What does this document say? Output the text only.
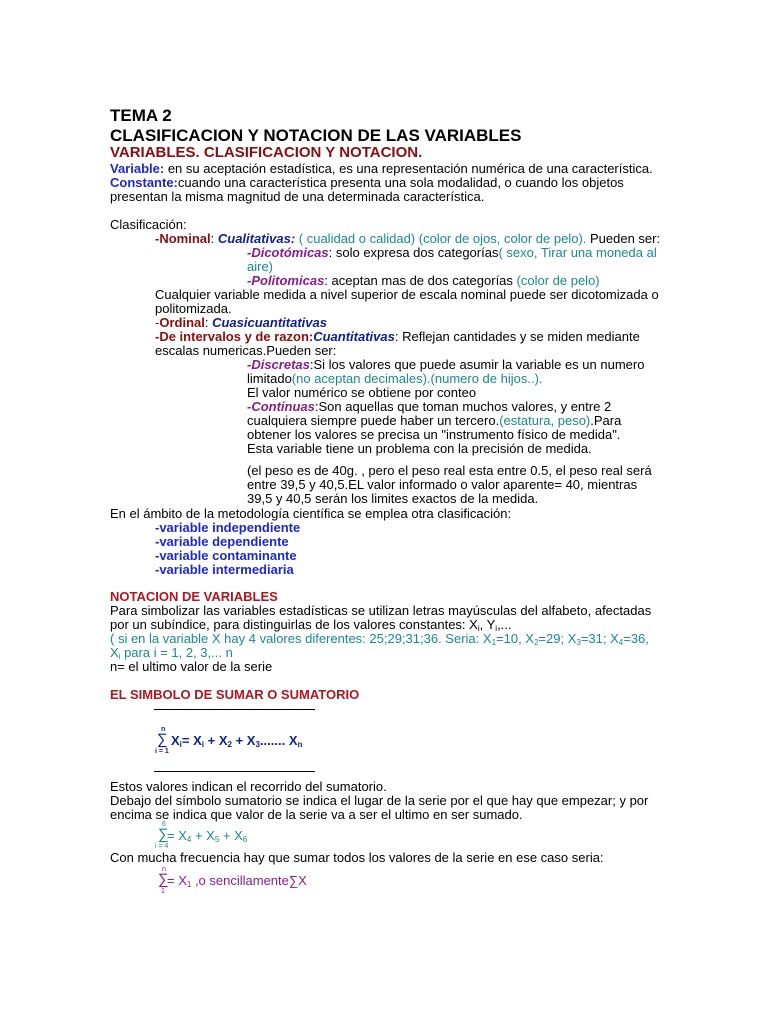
TEMA 2
CLASIFICACION Y NOTACION DE LAS VARIABLES
VARIABLES. CLASIFICACION Y NOTACION.
Variable: en su aceptación estadística, es una representación numérica de una característica.
Constante:cuando una característica presenta una sola modalidad, o cuando los objetos
presentan la misma magnitud de una determinada característica.
Clasificación:
-Nominal: Cualitativas: ( cualidad o calidad) (color de ojos, color de pelo). Pueden ser:
-Dicotómicas: solo expresa dos categorías( sexo, Tirar una moneda al
aire)
-Politomicas: aceptan mas de dos categorías (color de pelo)
Cualquier variable medida a nivel superior de escala nominal puede ser dicotomizada o
politomizada.
-Ordinal: Cuasicuantitativas
-De intervalos y de razon:Cuantitativas: Reflejan cantidades y se miden mediante
escalas numericas.Pueden ser:
-Discretas:Si los valores que puede asumir la variable es un numero
limitado(no aceptan decimales).(numero de hijos..).
El valor numérico se obtiene por conteo
-Continuas:Son aquellas que toman muchos valores, y entre 2
cualquiera siempre puede haber un tercero.(estatura, peso).Para
obtener los valores se precisa un "instrumento físico de medida".
Esta variable tiene un problema con la precisión de medida.
(el peso es de 40g. , pero el peso real esta entre 0.5, el peso real será
entre 39,5 y 40,5.EL valor informado o valor aparente= 40, mientras
39,5 y 40,5 serán los limites exactos de la medida.
En el ámbito de la metodología científica se emplea otra clasificación:
-variable independiente
-variable dependiente
-variable contaminante
-variable intermediaria
NOTACION DE VARIABLES
Para simbolizar las variables estadísticas se utilizan letras mayúsculas del alfabeto, afectadas
por un subíndice, para distinguirlas de los valores constantes: $X_i$, $Y_i$,...
( si en la variable X hay 4 valores diferentes: 25;29;31;36. Seria: $X_1=10$, $X_2=29$; $X_3=31$; $X_4=36$,
$X_i$ para i = 1, 2, 3,... n
n= el ultimo valor de la serie
EL SIMBOLO DE SUMAR O SUMATORIO
n
∑
i = 1
$X_i= X_i + X_2 + X_3$....... $X_n$
Estos valores indican el recorrido del sumatorio.
Debajo del símbolo sumatorio se indica el lugar de la serie por el que hay que empezar; y por
encima se indica que valor de la serie va a ser el ultimo en ser sumado.
6
∑
i = 4
= $X_4 + X_5 + X_6$
Con mucha frecuencia hay que sumar todos los valores de la serie en ese caso seria:
n
∑
1
= $X_1$ ,o sencillamente∑X
